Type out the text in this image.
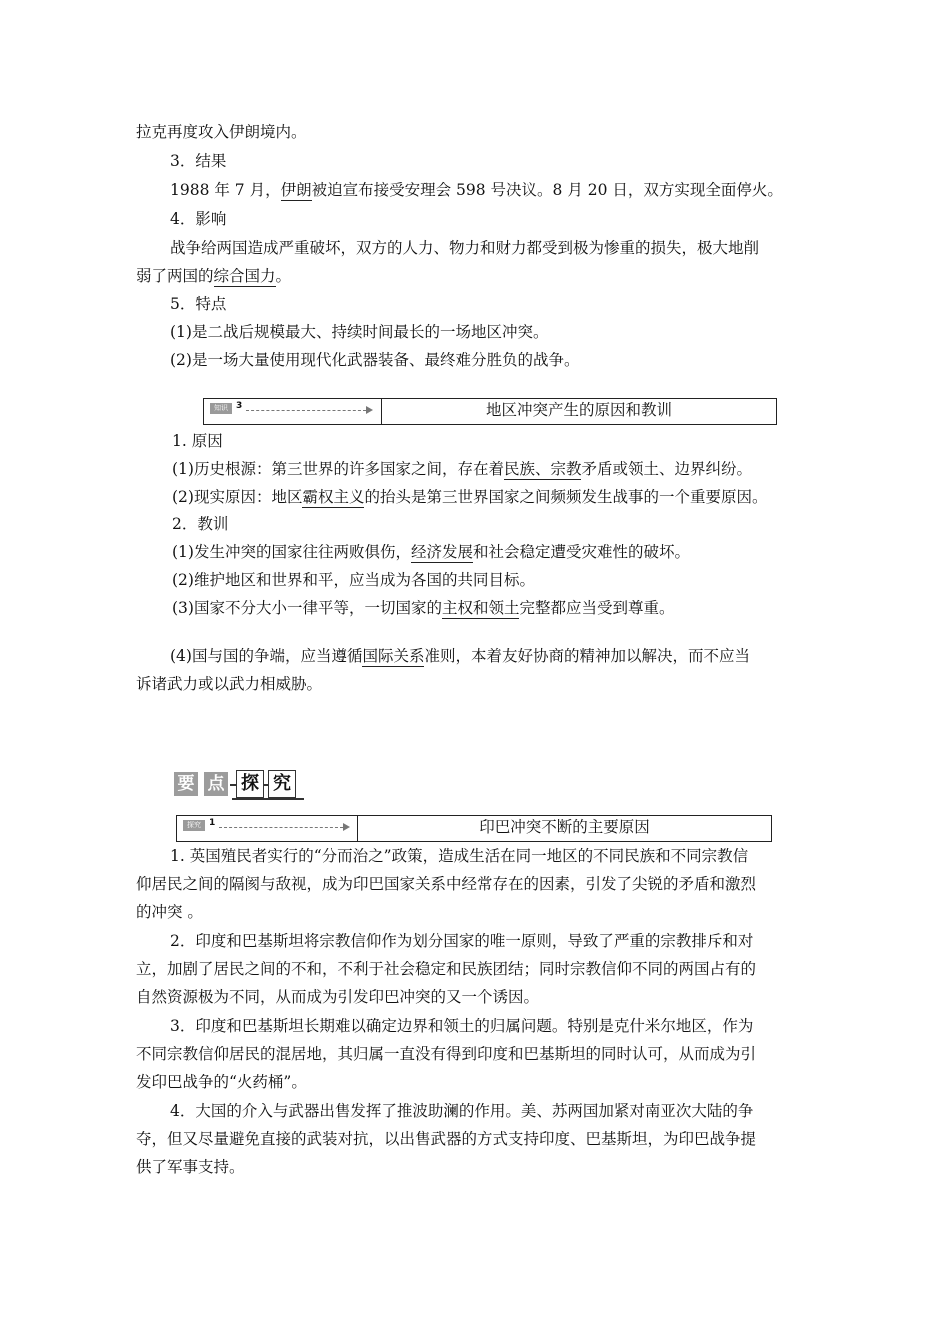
拉克再度攻入伊朗境内。
3．结果
1988 年 7 月，伊朗被迫宣布接受安理会 598 号决议。8 月 20 日，双方实现全面停火。
4．影响
战争给两国造成严重破坏，双方的人力、物力和财力都受到极为惨重的损失，极大地削
弱了两国的综合国力。
5．特点
(1)是二战后规模最大、持续时间最长的一场地区冲突。
(2)是一场大量使用现代化武器装备、最终难分胜负的战争。
知识 3	地区冲突产生的原因和教训
1. 原因
(1)历史根源：第三世界的许多国家之间，存在着民族、宗教矛盾或领土、边界纠纷。
(2)现实原因：地区霸权主义的抬头是第三世界国家之间频频发生战事的一个重要原因。
2．教训
(1)发生冲突的国家往往两败俱伤，经济发展和社会稳定遭受灾难性的破坏。
(2)维护地区和世界和平，应当成为各国的共同目标。
(3)国家不分大小一律平等，一切国家的主权和领土完整都应当受到尊重。
(4)国与国的争端，应当遵循国际关系准则，本着友好协商的精神加以解决，而不应当
诉诸武力或以武力相威胁。
要 点 探 究
探究 1	印巴冲突不断的主要原因
1. 英国殖民者实行的“分而治之”政策，造成生活在同一地区的不同民族和不同宗教信
仰居民之间的隔阂与敌视，成为印巴国家关系中经常存在的因素，引发了尖锐的矛盾和激烈
的冲突 。
2．印度和巴基斯坦将宗教信仰作为划分国家的唯一原则，导致了严重的宗教排斥和对
立，加剧了居民之间的不和，不利于社会稳定和民族团结；同时宗教信仰不同的两国占有的
自然资源极为不同，从而成为引发印巴冲突的又一个诱因。
3．印度和巴基斯坦长期难以确定边界和领土的归属问题。特别是克什米尔地区，作为
不同宗教信仰居民的混居地，其归属一直没有得到印度和巴基斯坦的同时认可，从而成为引
发印巴战争的“火药桶”。
4．大国的介入与武器出售发挥了推波助澜的作用。美、苏两国加紧对南亚次大陆的争
夺，但又尽量避免直接的武装对抗，以出售武器的方式支持印度、巴基斯坦，为印巴战争提
供了军事支持。
